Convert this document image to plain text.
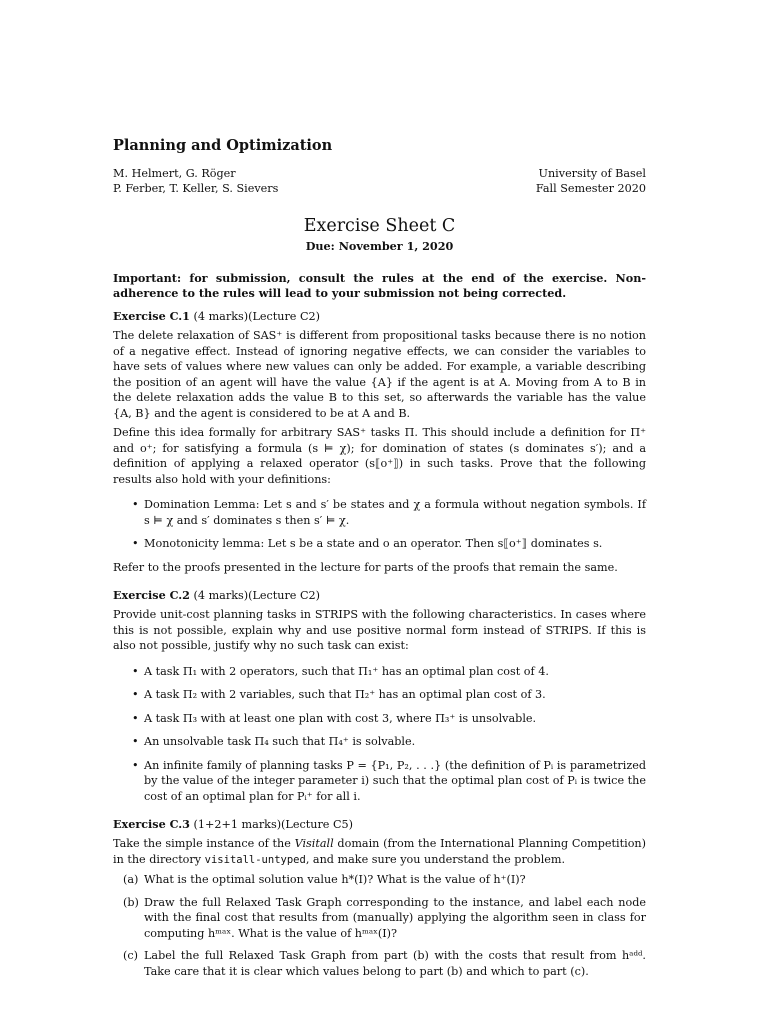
Planning and Optimization
M. Helmert, G. Röger
P. Ferber, T. Keller, S. Sievers
University of Basel
Fall Semester 2020
Exercise Sheet C
Due: November 1, 2020
Important: for submission, consult the rules at the end of the exercise. Non-adherence to the rules will lead to your submission not being corrected.
Exercise C.1 (4 marks)(Lecture C2)

The delete relaxation of SAS⁺ is different from propositional tasks because there is no notion of a negative effect. Instead of ignoring negative effects, we can consider the variables to have sets of values where new values can only be added. For example, a variable describing the position of an agent will have the value {A} if the agent is at A. Moving from A to B in the delete relaxation adds the value B to this set, so afterwards the variable has the value {A, B} and the agent is considered to be at A and B.

Define this idea formally for arbitrary SAS⁺ tasks Π. This should include a definition for Π⁺ and o⁺; for satisfying a formula (s ⊨ χ); for domination of states (s dominates s′); and a definition of applying a relaxed operator (s⟦o⁺⟧) in such tasks. Prove that the following results also hold with your definitions:

• Domination Lemma: Let s and s′ be states and χ a formula without negation symbols. If s ⊨ χ and s′ dominates s then s′ ⊨ χ.
• Monotonicity lemma: Let s be a state and o an operator. Then s⟦o⁺⟧ dominates s.

Refer to the proofs presented in the lecture for parts of the proofs that remain the same.

Exercise C.2 (4 marks)(Lecture C2)

Provide unit-cost planning tasks in STRIPS with the following characteristics. In cases where this is not possible, explain why and use positive normal form instead of STRIPS. If this is also not possible, justify why no such task can exist:

• A task Π₁ with 2 operators, such that Π₁⁺ has an optimal plan cost of 4.
• A task Π₂ with 2 variables, such that Π₂⁺ has an optimal plan cost of 3.
• A task Π₃ with at least one plan with cost 3, where Π₃⁺ is unsolvable.
• An unsolvable task Π₄ such that Π₄⁺ is solvable.
• An infinite family of planning tasks P = {P₁, P₂, . . .} (the definition of Pᵢ is parametrized by the value of the integer parameter i) such that the optimal plan cost of Pᵢ is twice the cost of an optimal plan for Pᵢ⁺ for all i.
Exercise C.3 (1+2+1 marks)(Lecture C5)

Take the simple instance of the Visitall domain (from the International Planning Competition) in the directory visitall-untyped, and make sure you understand the problem.

(a) What is the optimal solution value h*(I)? What is the value of h⁺(I)?
(b) Draw the full Relaxed Task Graph corresponding to the instance, and label each node with the final cost that results from (manually) applying the algorithm seen in class for computing hᵐᵃˣ. What is the value of hᵐᵃˣ(I)?
(c) Label the full Relaxed Task Graph from part (b) with the costs that result from hᵃᵈᵈ. Take care that it is clear which values belong to part (b) and which to part (c).
